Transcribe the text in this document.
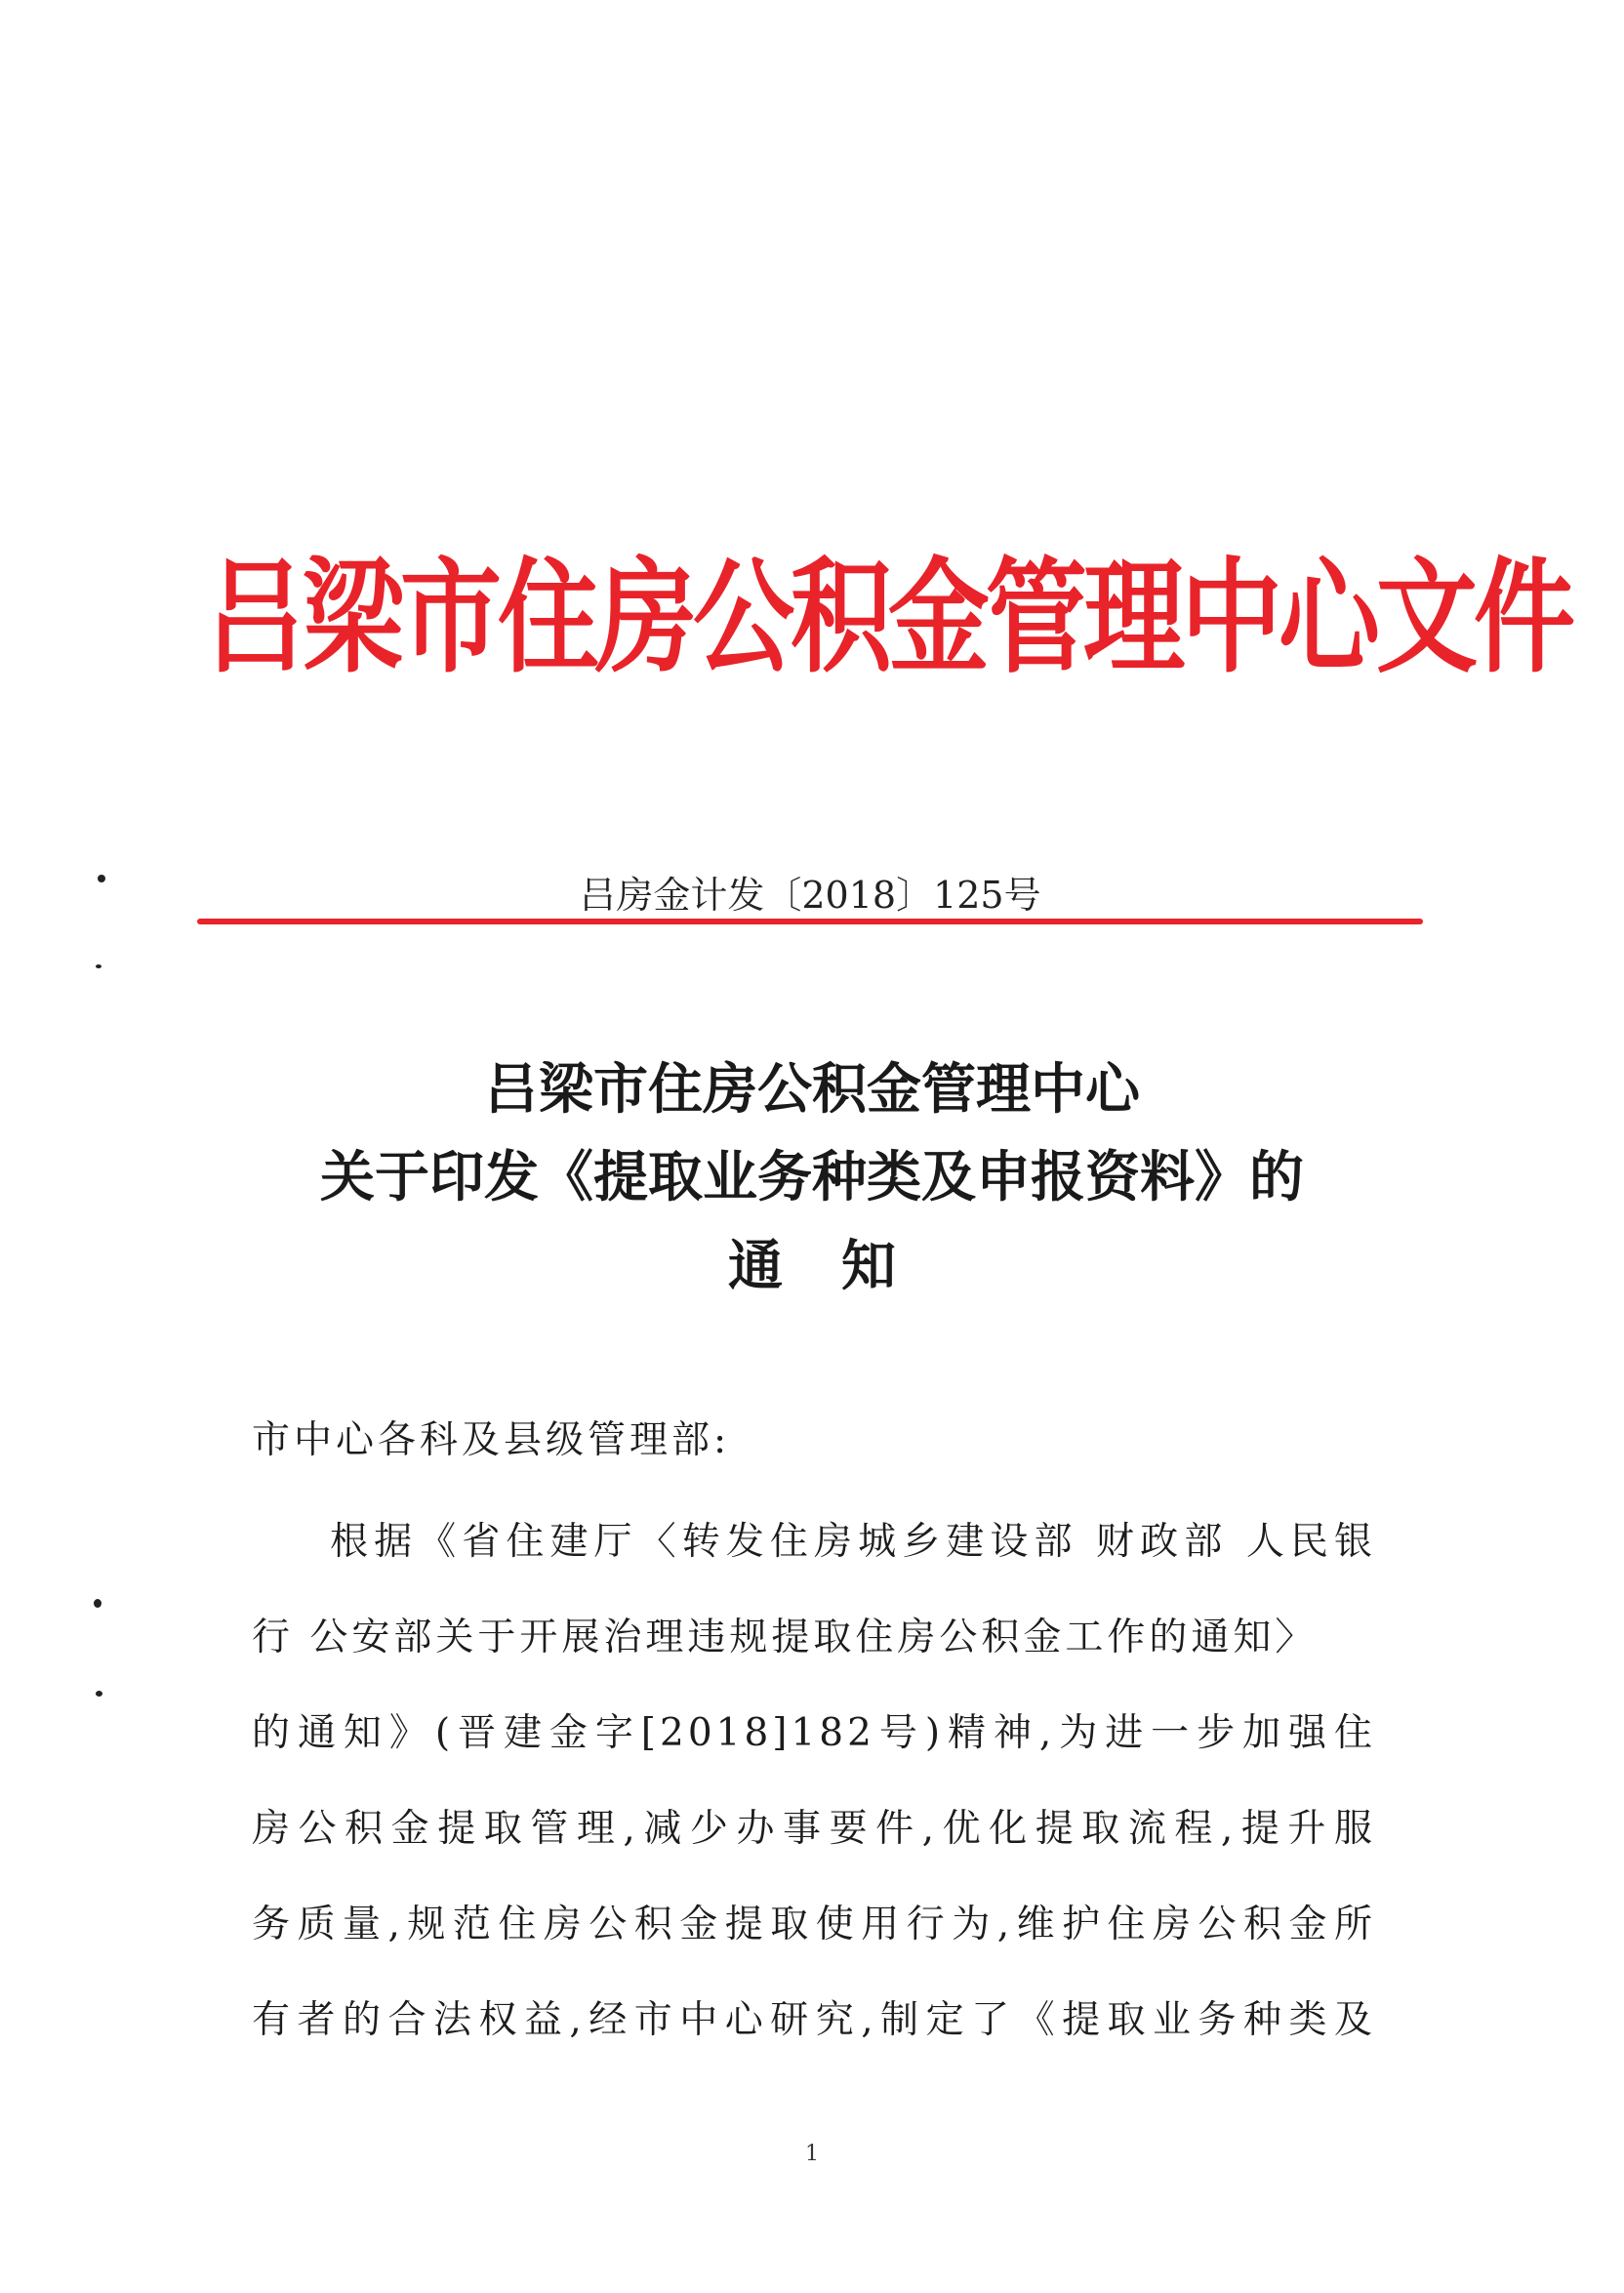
吕梁市住房公积金管理中心文件
吕房金计发〔2018〕125号
吕梁市住房公积金管理中心
关于印发《提取业务种类及申报资料》的
通知
市中心各科及县级管理部:
根据《省住建厅〈转发住房城乡建设部 财政部 人民银
行 公安部关于开展治理违规提取住房公积金工作的通知〉
的通知》(晋建金字[2018]182号)精神,为进一步加强住
房公积金提取管理,减少办事要件,优化提取流程,提升服
务质量,规范住房公积金提取使用行为,维护住房公积金所
有者的合法权益,经市中心研究,制定了《提取业务种类及
1
